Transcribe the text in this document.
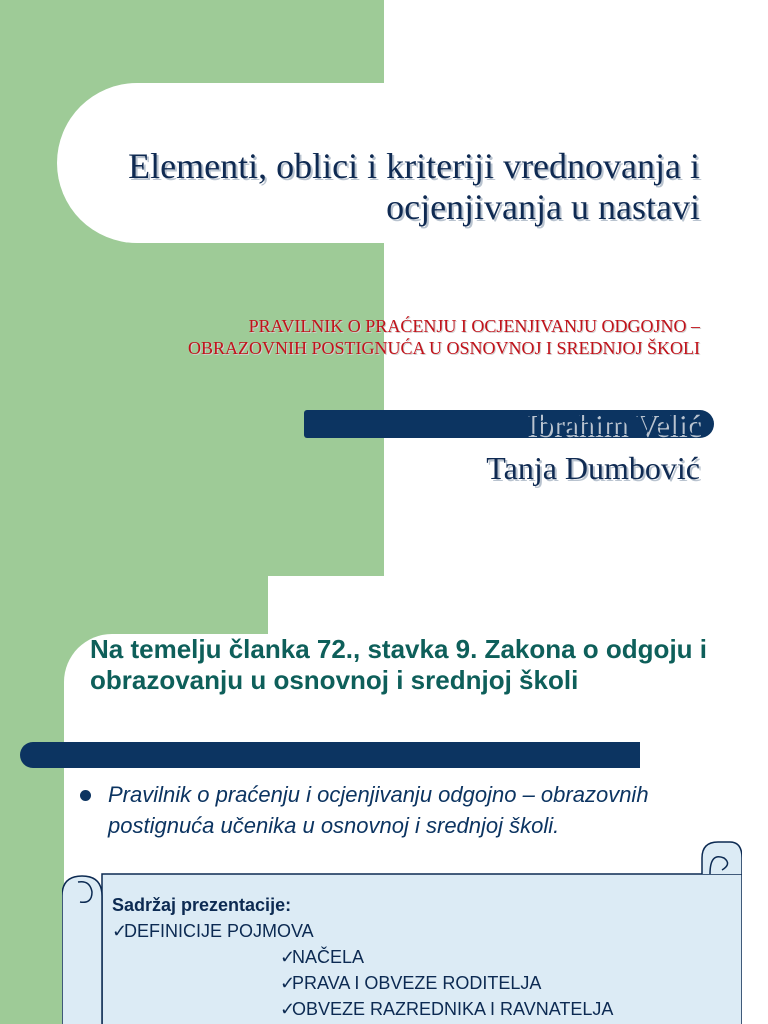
Elementi, oblici i kriteriji vrednovanja i ocjenjivanja u nastavi
PRAVILNIK O PRAĆENJU I OCJENJIVANJU ODGOJNO –
OBRAZOVNIH POSTIGNUĆA U OSNOVNOJ I SREDNJOJ ŠKOLI
Ibrahim Velić
Tanja Dumbović
Na temelju članka 72., stavka 9. Zakona o odgoju i obrazovanju u osnovnoj i srednjoj školi
Pravilnik o praćenju i ocjenjivanju odgojno – obrazovnih postignuća učenika u osnovnoj i srednjoj školi.
Sadržaj prezentacije:
✓DEFINICIJE POJMOVA
✓NAČELA
✓PRAVA I OBVEZE RODITELJA
✓OBVEZE RAZREDNIKA I RAVNATELJA
